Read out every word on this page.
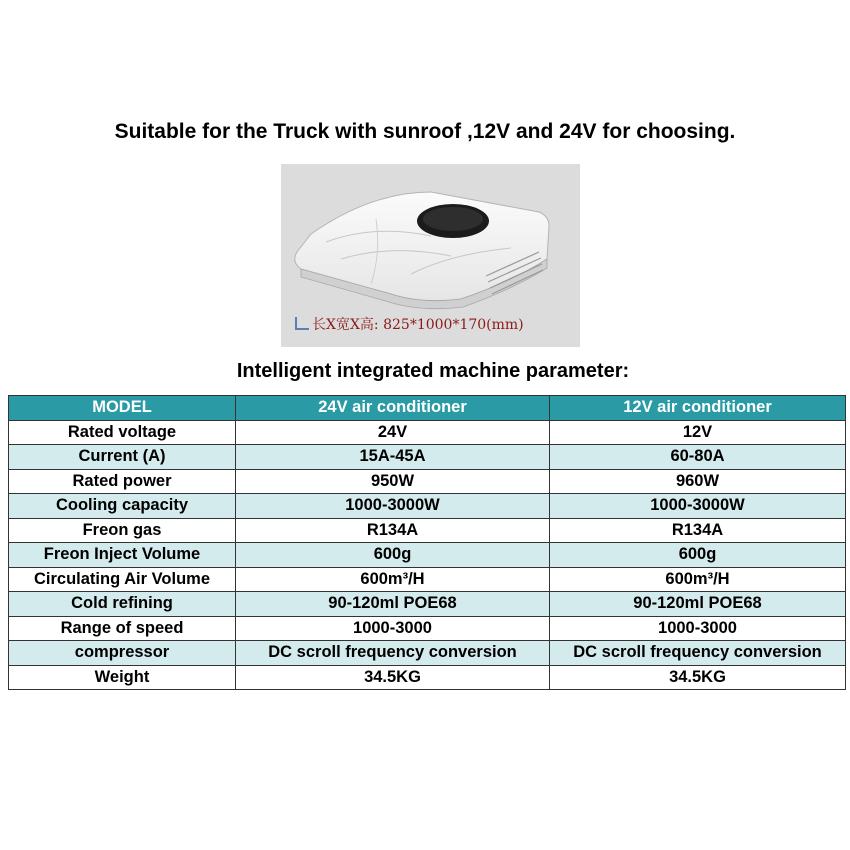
Suitable for the Truck with sunroof ,12V and 24V for choosing.
长X宽X高: 825*1000*170(mm)
Intelligent integrated machine parameter:
MODEL	24V air conditioner	12V air conditioner
Rated voltage	24V	12V
Current (A)	15A-45A	60-80A
Rated power	950W	960W
Cooling capacity	1000-3000W	1000-3000W
Freon gas	R134A	R134A
Freon Inject Volume	600g	600g
Circulating Air Volume	600m³/H	600m³/H
Cold refining	90-120ml POE68	90-120ml POE68
Range of speed	1000-3000	1000-3000
compressor	DC scroll frequency conversion	DC scroll frequency conversion
Weight	34.5KG	34.5KG
